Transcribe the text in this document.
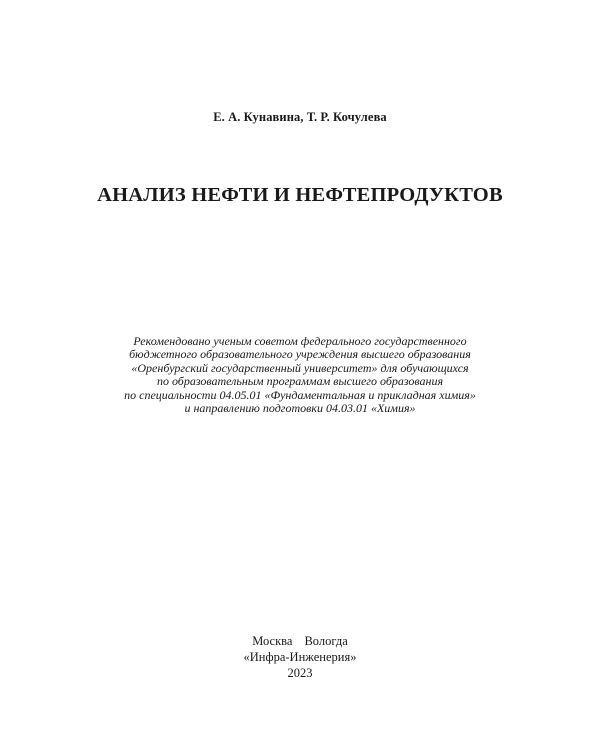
Е. А. Кунавина, Т. Р. Кочулева
АНАЛИЗ НЕФТИ И НЕФТЕПРОДУКТОВ
Рекомендовано ученым советом федерального государственного
бюджетного образовательного учреждения высшего образования
«Оренбургский государственный университет» для обучающихся
по образовательным программам высшего образования
по специальности 04.05.01 «Фундаментальная и прикладная химия»
и направлению подготовки 04.03.01 «Химия»
Москва Вологда
«Инфра-Инженерия»
2023
